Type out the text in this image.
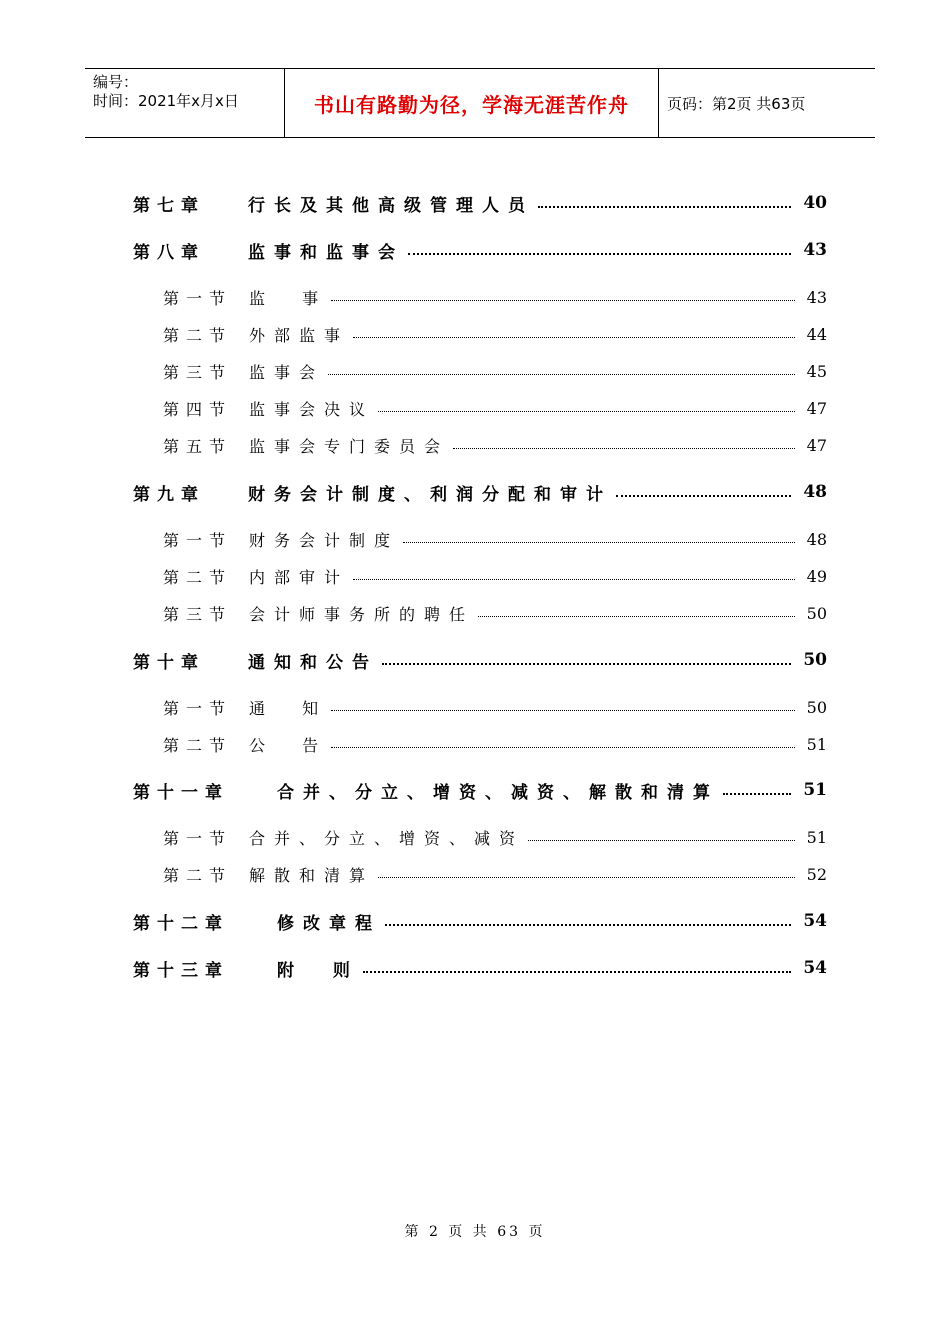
编号：
时间：2021年x月x日	书山有路勤为径，学海无涯苦作舟	页码：第2页 共63页
第七章	行长及其他高级管理人员	40
第八章	监事和监事会	43
第一节	监  事	43
第二节	外部监事	44
第三节	监事会	45
第四节	监事会决议	47
第五节	监事会专门委员会	47
第九章	财务会计制度、利润分配和审计	48
第一节	财务会计制度	48
第二节	内部审计	49
第三节	会计师事务所的聘任	50
第十章	通知和公告	50
第一节	通  知	50
第二节	公  告	51
第十一章	合并、分立、增资、减资、解散和清算	51
第一节	合并、分立、增资、减资	51
第二节	解散和清算	52
第十二章	修改章程	54
第十三章	附  则	54
第 2 页 共 63 页
